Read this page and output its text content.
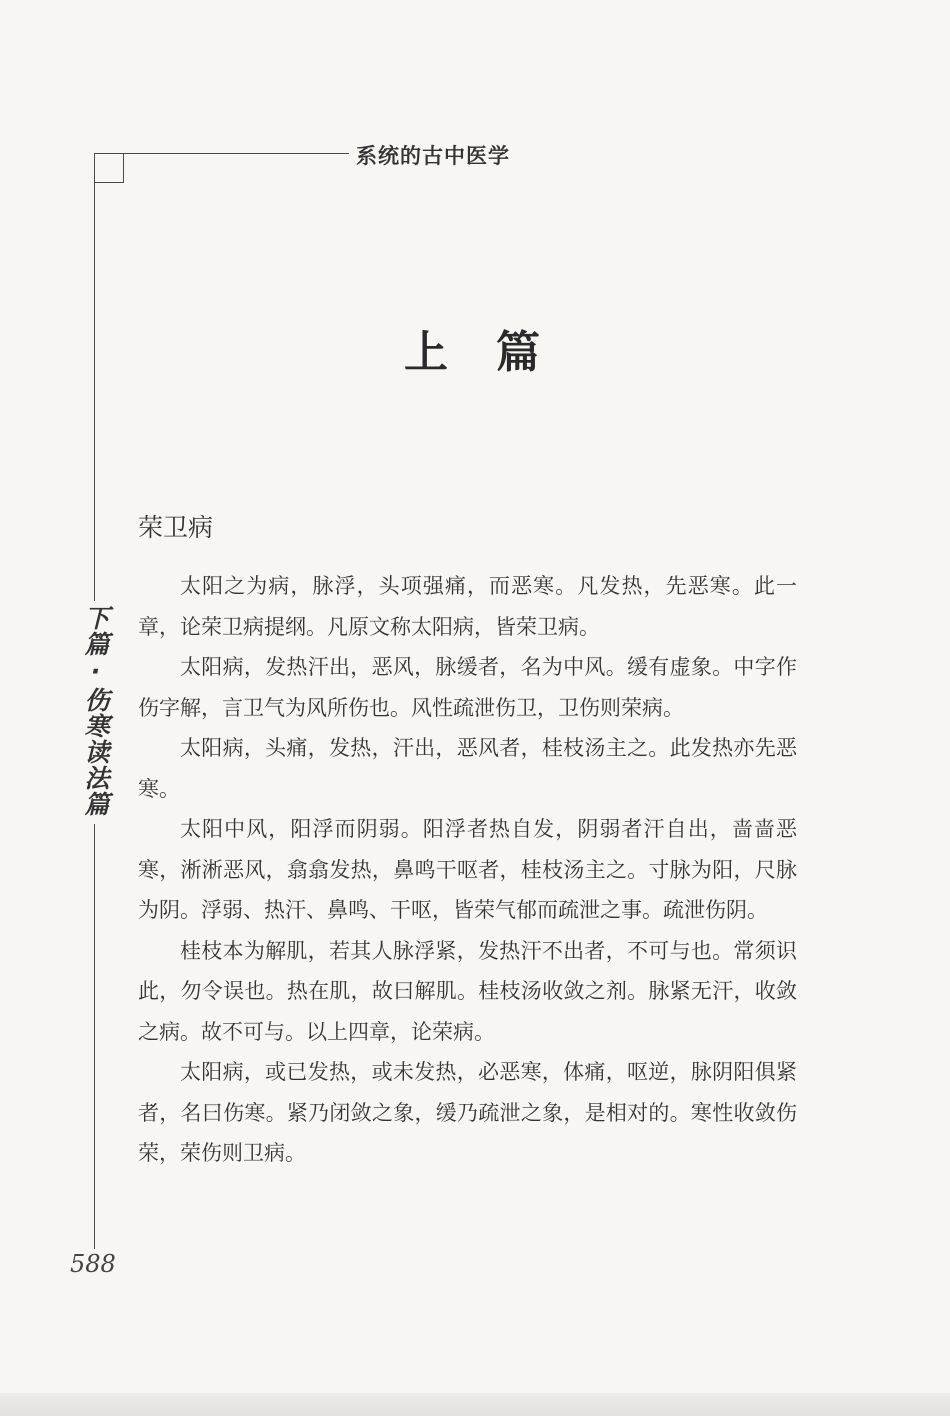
系统的古中医学
下篇·伤寒读法篇
上篇
荣卫病

太阳之为病，脉浮，头项强痛，而恶寒。凡发热，先恶寒。此一章，论荣卫病提纲。凡原文称太阳病，皆荣卫病。

太阳病，发热汗出，恶风，脉缓者，名为中风。缓有虚象。中字作伤字解，言卫气为风所伤也。风性疏泄伤卫，卫伤则荣病。

太阳病，头痛，发热，汗出，恶风者，桂枝汤主之。此发热亦先恶寒。

太阳中风，阳浮而阴弱。阳浮者热自发，阴弱者汗自出，啬啬恶寒，淅淅恶风，翕翕发热，鼻鸣干呕者，桂枝汤主之。寸脉为阳，尺脉为阴。浮弱、热汗、鼻鸣、干呕，皆荣气郁而疏泄之事。疏泄伤阴。

桂枝本为解肌，若其人脉浮紧，发热汗不出者，不可与也。常须识此，勿令误也。热在肌，故曰解肌。桂枝汤收敛之剂。脉紧无汗，收敛之病。故不可与。以上四章，论荣病。

太阳病，或已发热，或未发热，必恶寒，体痛，呕逆，脉阴阳俱紧者，名曰伤寒。紧乃闭敛之象，缓乃疏泄之象，是相对的。寒性收敛伤荣，荣伤则卫病。

588
